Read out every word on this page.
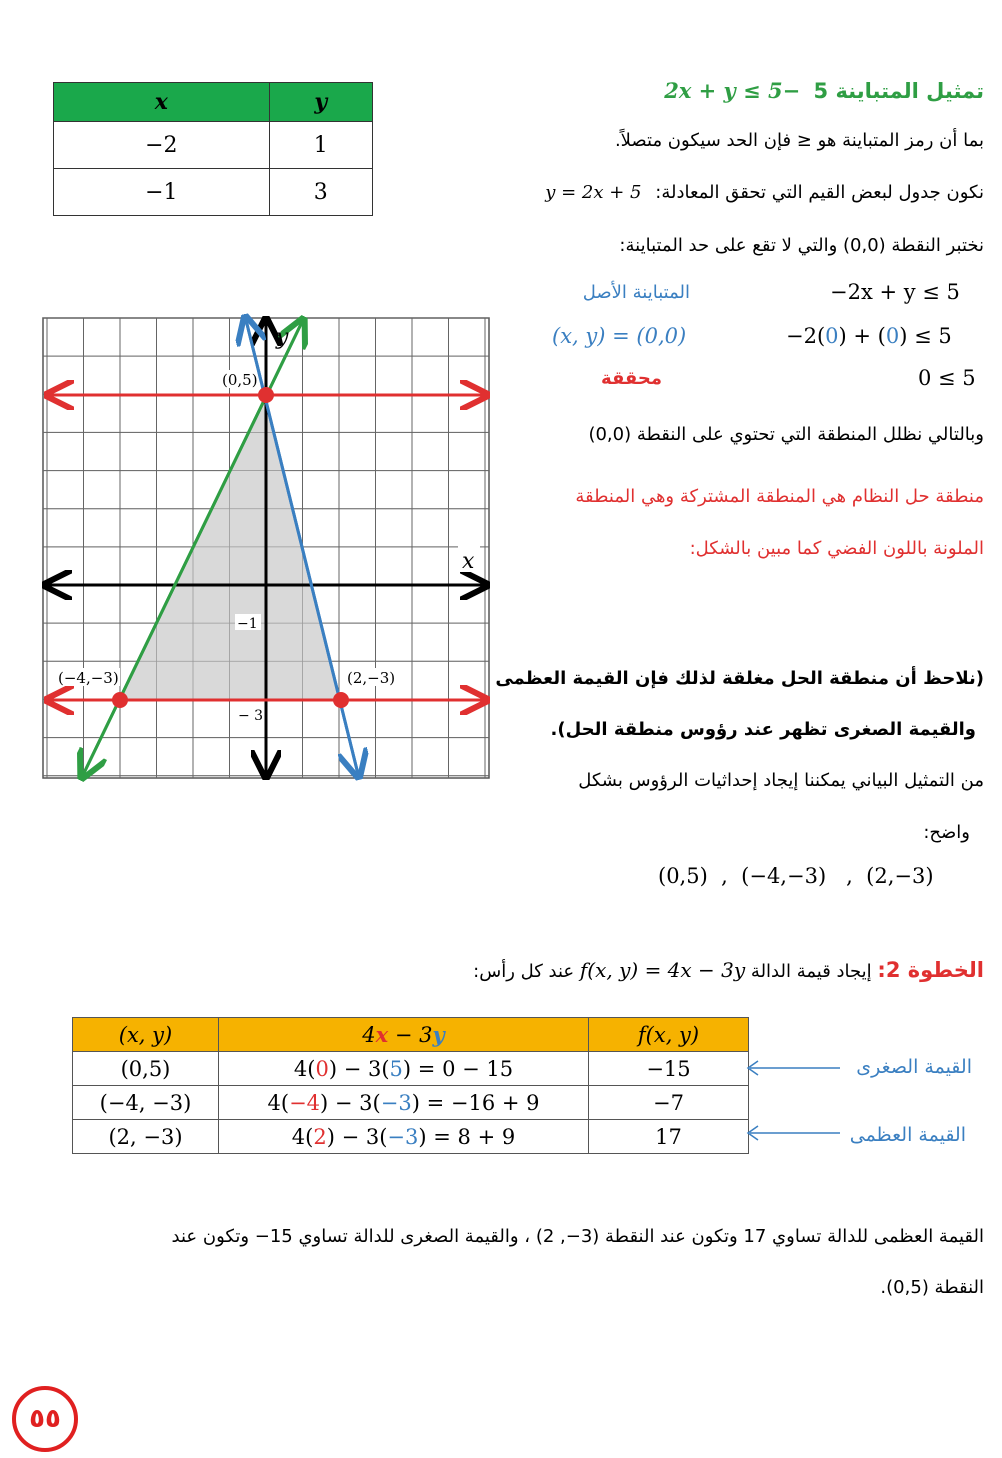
تمثيل المتباينة 5 −2x + y ≤ 5
بما أن رمز المتباينة هو ≤ فإن الحد سيكون متصلاً.
نكون جدول لبعض القيم التي تحقق المعادلة: y = 2x + 5
نختبر النقطة (0,0) والتي لا تقع على حد المتباينة:
−2x + y ≤ 5
المتباينة الأصل
−2(0) + (0) ≤ 5
(x, y) = (0,0)
0 ≤ 5
محققة
وبالتالي نظلل المنطقة التي تحتوي على النقطة (0,0)
منطقة حل النظام هي المنطقة المشتركة وهي المنطقة
الملونة باللون الفضي كما مبين بالشكل:
(نلاحظ أن منطقة الحل مغلقة لذلك فإن القيمة العظمى
والقيمة الصغرى تظهر عند رؤوس منطقة الحل).
من التمثيل البياني يمكننا إيجاد إحداثيات الرؤوس بشكل
واضح:
(0,5)  ,  (−4,−3)   ,  (2,−3)
x	y
−2	1
−1	3
(0,5)
(−4,−3)	(2,−3)
−1
− 3
x
y
الخطوة 2: إيجاد قيمة الدالة f(x, y) = 4x − 3y عند كل رأس:
(x, y)	4x − 3y	f(x, y)
(0,5)	4(0) − 3(5) = 0 − 15	−15
(−4, −3)	4(−4) − 3(−3) = −16 + 9	−7
(2, −3)	4(2) − 3(−3) = 8 + 9	17
القيمة الصغرى
القيمة العظمى
القيمة العظمى للدالة تساوي 17 وتكون عند النقطة (3−, 2) ، والقيمة الصغرى للدالة تساوي 15− وتكون عند
النقطة (0,5).
٥٥
